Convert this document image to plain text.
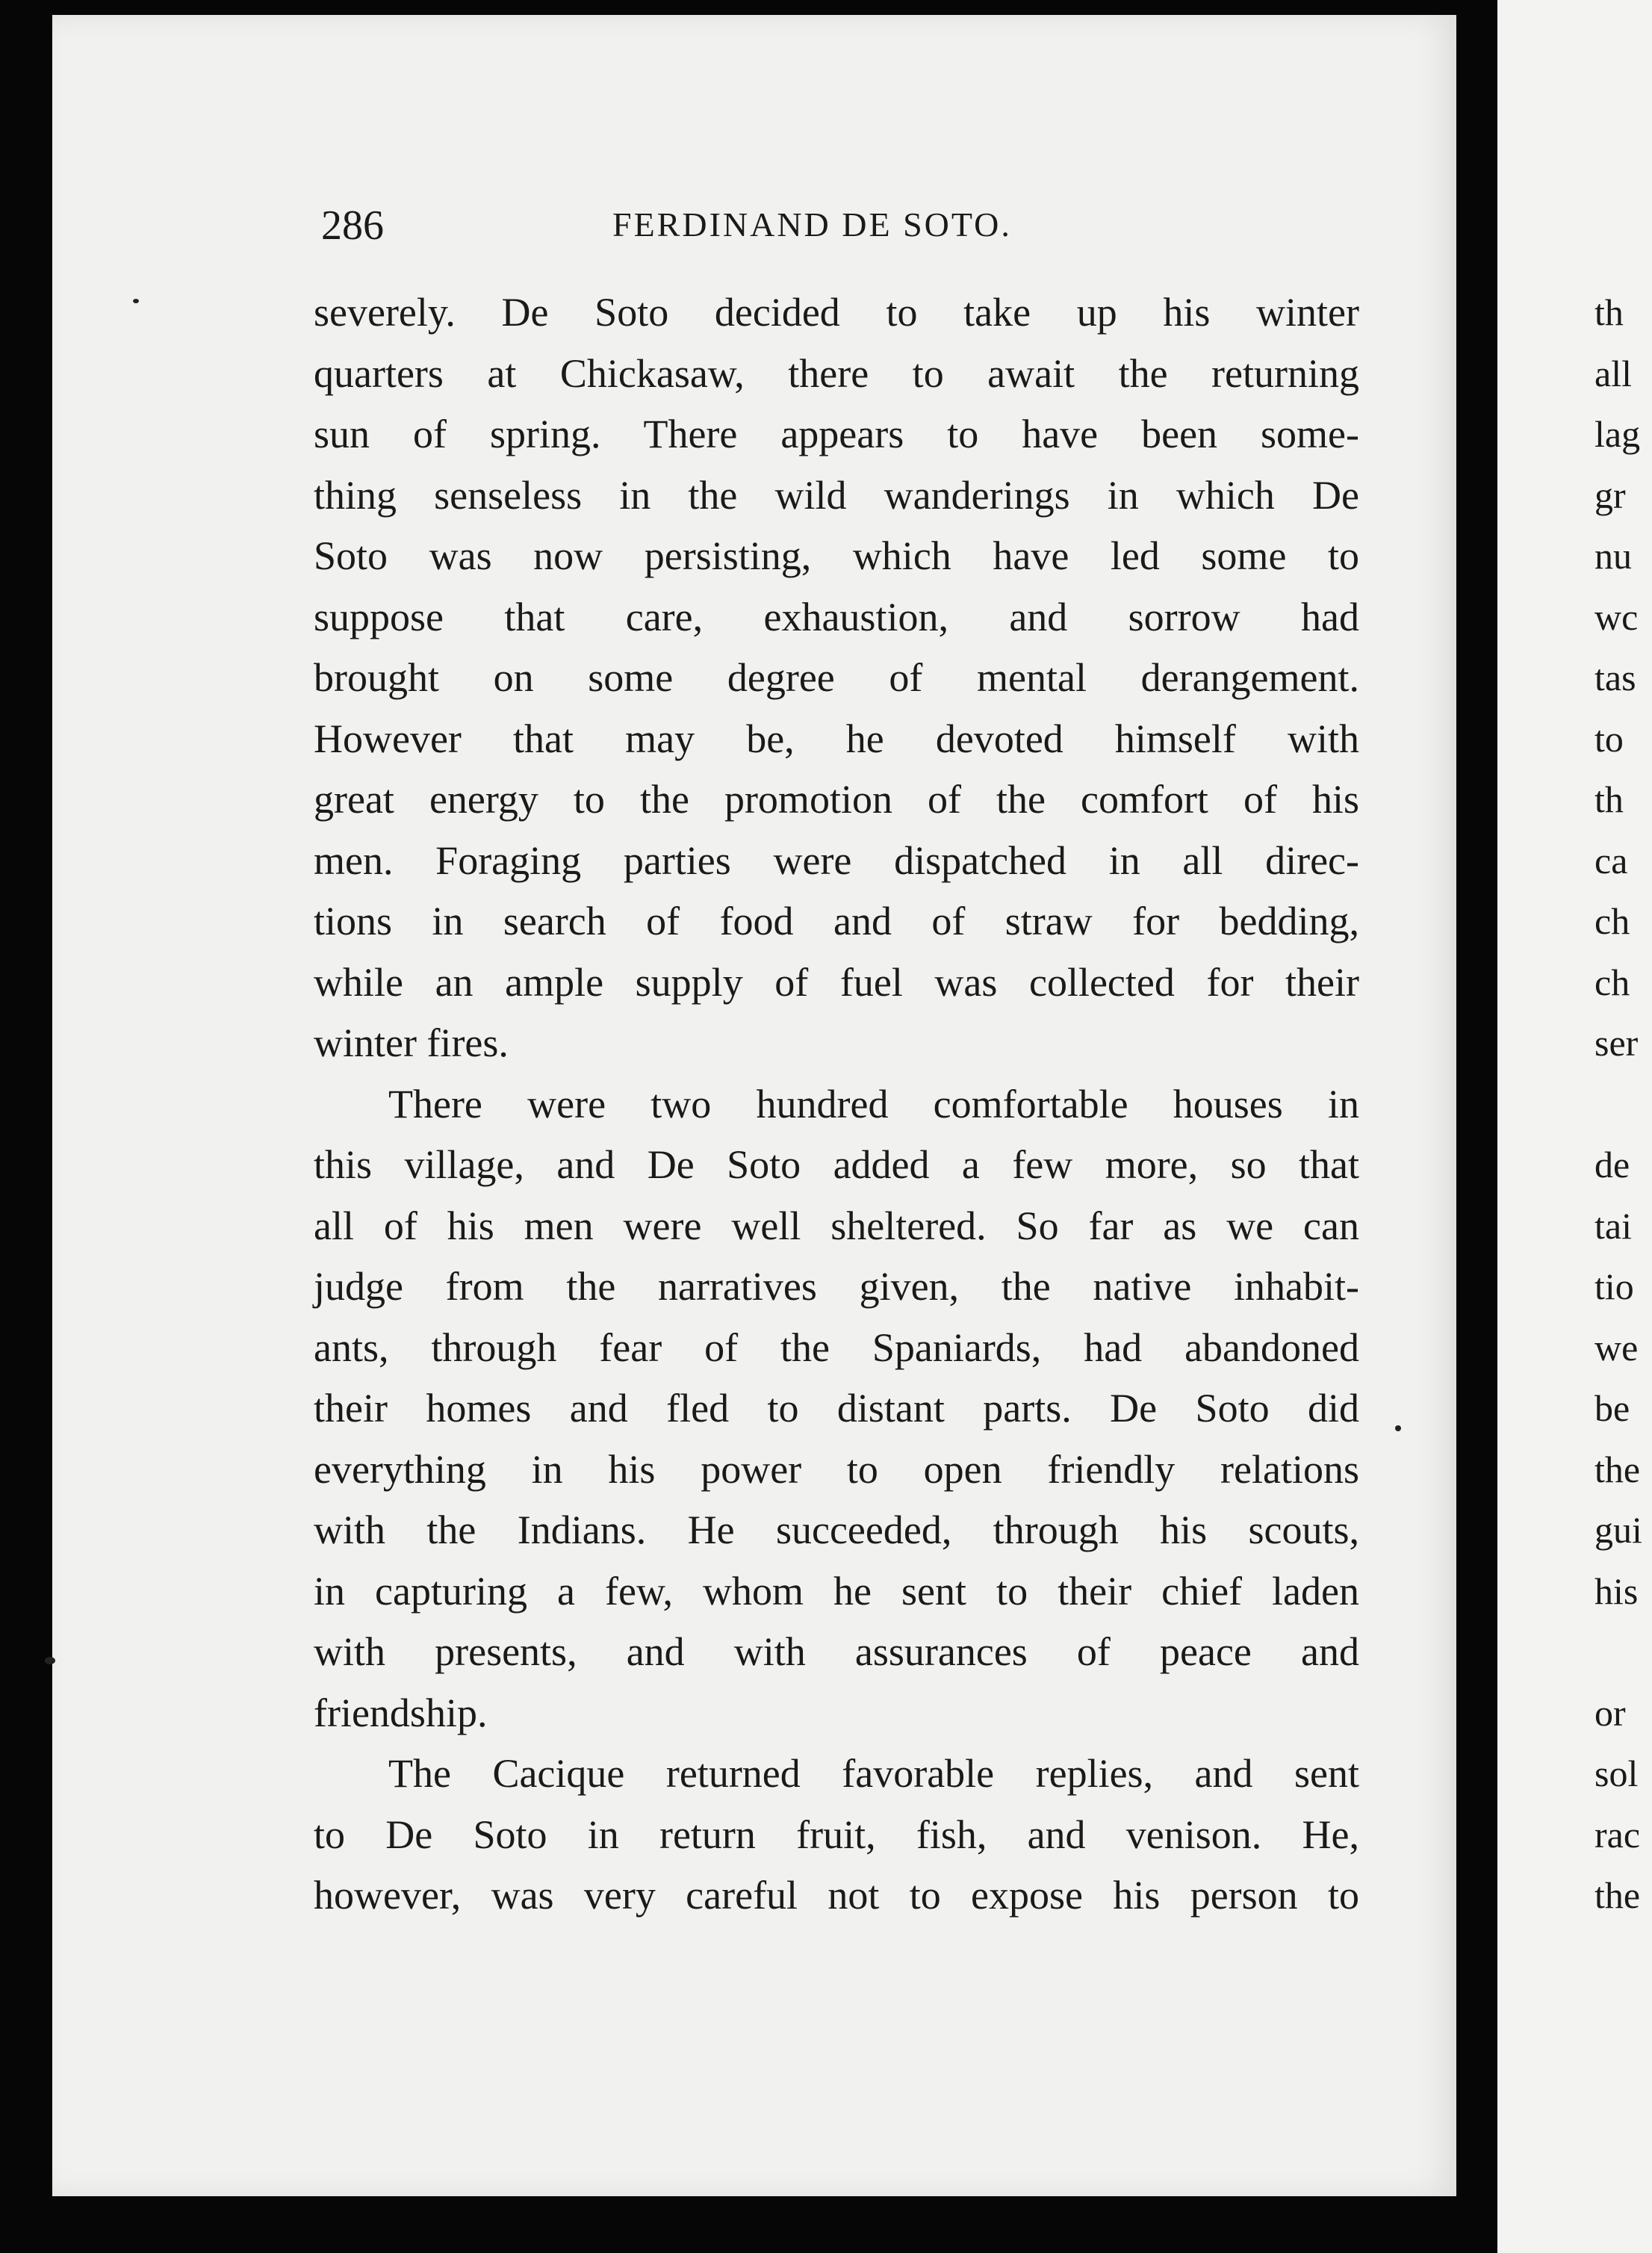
286	FERDINAND DE SOTO.
severely. De Soto decided to take up his winter
quarters at Chickasaw, there to await the returning
sun of spring. There appears to have been some-
thing senseless in the wild wanderings in which De
Soto was now persisting, which have led some to
suppose that care, exhaustion, and sorrow had
brought on some degree of mental derangement.
However that may be, he devoted himself with
great energy to the promotion of the comfort of his
men. Foraging parties were dispatched in all direc-
tions in search of food and of straw for bedding,
while an ample supply of fuel was collected for their
winter fires.
There were two hundred comfortable houses in
this village, and De Soto added a few more, so that
all of his men were well sheltered. So far as we can
judge from the narratives given, the native inhabit-
ants, through fear of the Spaniards, had abandoned
their homes and fled to distant parts. De Soto did
everything in his power to open friendly relations
with the Indians. He succeeded, through his scouts,
in capturing a few, whom he sent to their chief laden
with presents, and with assurances of peace and
friendship.
The Cacique returned favorable replies, and sent
to De Soto in return fruit, fish, and venison. He,
however, was very careful not to expose his person to
th
all
lag
gr
nu
wc
tas
to
th
ca
ch
ch
ser
de
tai
tio
we
be
the
gui
his
or
sol
rac
the
